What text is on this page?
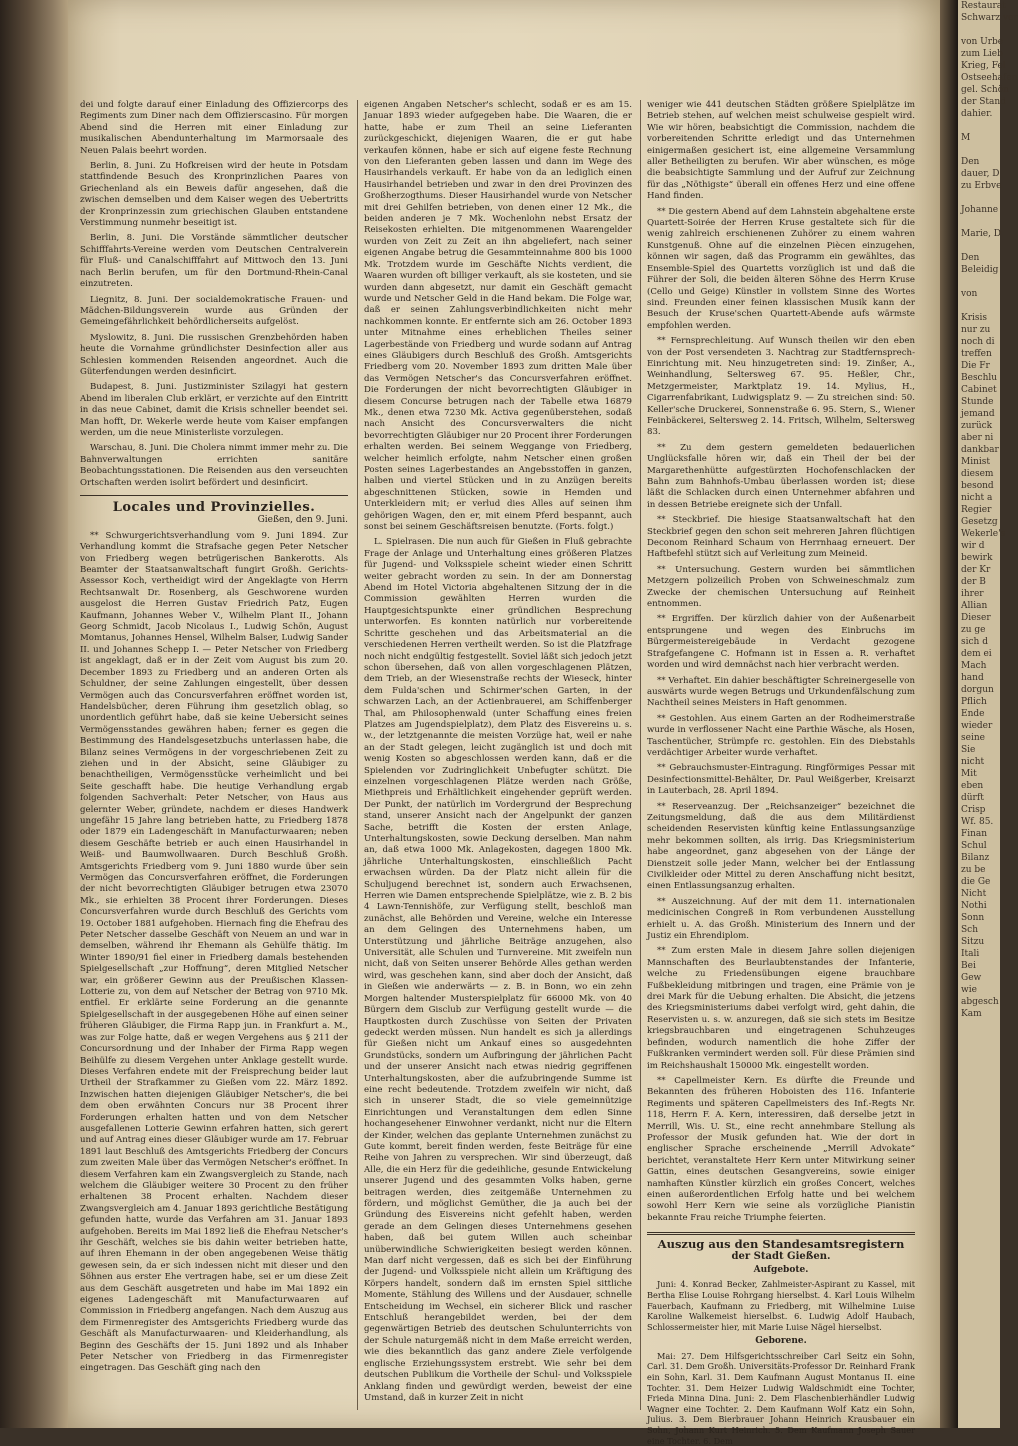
dei und folgte darauf einer Einladung des Offiziercorps des Regiments zum Diner nach dem Offizierscasino. Für morgen Abend sind die Herren mit einer Einladung zur musikalischen Abendunterhaltung im Marmorsaale des Neuen Palais beehrt worden.

Berlin, 8. Juni. Zu Hofkreisen wird der heute in Potsdam stattfindende Besuch des Kronprinzlichen Paares von Griechenland als ein Beweis dafür angesehen, daß die zwischen demselben und dem Kaiser wegen des Uebertritts der Kronprinzessin zum griechischen Glauben entstandene Verstimmung nunmehr beseitigt ist.

Berlin, 8. Juni. Die Vorstände sämmtlicher deutscher Schifffahrts-Vereine werden vom Deutschen Centralverein für Fluß- und Canalschifffahrt auf Mittwoch den 13. Juni nach Berlin berufen, um für den Dortmund-Rhein-Canal einzutreten.

Liegnitz, 8. Juni. Der socialdemokratische Frauen- und Mädchen-Bildungsverein wurde aus Gründen der Gemeingefährlichkeit behördlicherseits aufgelöst.

Myslowitz, 8. Juni. Die russischen Grenzbehörden haben heute die Vornahme gründlichster Desinfection aller aus Schlesien kommenden Reisenden angeordnet. Auch die Güterfendungen werden desinficirt.

Budapest, 8. Juni. Justizminister Szilagyi hat gestern Abend im liberalen Club erklärt, er verzichte auf den Eintritt in das neue Cabinet, damit die Krisis schneller beendet sei. Man hofft, Dr. Wekerle werde heute vom Kaiser empfangen werden, um die neue Ministerliste vorzulegen.

Warschau, 8. Juni. Die Cholera nimmt immer mehr zu. Die Bahnverwaltungen errichten sanitäre Beobachtungsstationen. Die Reisenden aus den verseuchten Ortschaften werden isolirt befördert und desinficirt.

Locales und Provinzielles.
Gießen, den 9. Juni.

** Schwurgerichtsverhandlung vom 9. Juni 1894. Zur Verhandlung kommt die Strafsache gegen Peter Netscher von Friedberg wegen betrügerischen Bankerotts. Als Beamter der Staatsanwaltschaft fungirt Großh. Gerichts-Assessor Koch, vertheidigt wird der Angeklagte von Herrn Rechtsanwalt Dr. Rosenberg, als Geschworene wurden ausgelost die Herren Gustav Friedrich Patz, Eugen Kaufmann, Johannes Weber V., Wilhelm Plant II., Johann Georg Schmidt, Jacob Nicolaus I., Ludwig Schön, August Momtanus, Johannes Hensel, Wilhelm Balser, Ludwig Sander II. und Johannes Schepp I. — Peter Netscher von Friedberg ist angeklagt, daß er in der Zeit vom August bis zum 20. December 1893 zu Friedberg und an anderen Orten als Schuldner, der seine Zahlungen eingestellt, über dessen Vermögen auch das Concursverfahren eröffnet worden ist, Handelsbücher, deren Führung ihm gesetzlich oblag, so unordentlich geführt habe, daß sie keine Uebersicht seines Vermögensstandes gewähren haben; ferner es gegen die Bestimmung des Handelsgesetzbuchs unterlassen habe, die Bilanz seines Vermögens in der vorgeschriebenen Zeit zu ziehen und in der Absicht, seine Gläubiger zu benachtheiligen, Vermögensstücke verheimlicht und bei Seite geschafft habe. Die heutige Verhandlung ergab folgenden Sachverhalt: Peter Netscher, von Haus aus gelernter Weber, gründete, nachdem er dieses Handwerk ungefähr 15 Jahre lang betrieben hatte, zu Friedberg 1878 oder 1879 ein Ladengeschäft in Manufacturwaaren; neben diesem Geschäfte betrieb er auch einen Hausirhandel in Weiß- und Baumwollwaaren. Durch Beschluß Großh. Amtsgerichts Friedberg vom 9. Juni 1880 wurde über sein Vermögen das Concursverfahren eröffnet, die Forderungen der nicht bevorrechtigten Gläubiger betrugen etwa 23070 Mk., sie erhielten 38 Procent ihrer Forderungen. Dieses Concursverfahren wurde durch Beschluß des Gerichts vom 19. October 1881 aufgehoben. Hiernach fing die Ehefrau des Peter Netscher dasselbe Geschäft von Neuem an und war in demselben, während ihr Ehemann als Gehülfe thätig. Im Winter 1890/91 fiel einer in Friedberg damals bestehenden Spielgesellschaft „zur Hoffnung“, deren Mitglied Netscher war, ein größerer Gewinn aus der Preußischen Klassen-Lotterie zu, von dem auf Netscher der Betrag von 9710 Mk. entfiel. Er erklärte seine Forderung an die genannte Spielgesellschaft in der ausgegebenen Höhe auf einen seiner früheren Gläubiger, die Firma Rapp jun. in Frankfurt a. M., was zur Folge hatte, daß er wegen Vergehens aus § 211 der Concursordnung und der Inhaber der Firma Rapp wegen Beihülfe zu diesem Vergehen unter Anklage gestellt wurde. Dieses Verfahren endete mit der Freisprechung beider laut Urtheil der Strafkammer zu Gießen vom 22. März 1892. Inzwischen hatten diejenigen Gläubiger Netscher's, die bei dem oben erwähnten Concurs nur 38 Procent ihrer Forderungen erhalten hatten und von dem Netscher ausgefallenen Lotterie Gewinn erfahren hatten, sich gerегt und auf Antrag eines dieser Gläubiger wurde am 17. Februar 1891 laut Beschluß des Amtsgerichts Friedberg der Concurs zum zweiten Male über das Vermögen Netscher's eröffnet. In diesem Verfahren kam ein Zwangsvergleich zu Stande, nach welchem die Gläubiger weitere 30 Procent zu den früher erhaltenen 38 Procent erhalten. Nachdem dieser Zwangsvergleich am 4. Januar 1893 gerichtliche Bestätigung gefunden hatte, wurde das Verfahren am 31. Januar 1893 aufgehoben. Bereits im Mai 1892 ließ die Ehefrau Netscher's ihr Geschäft, welches sie bis dahin weiter betrieben hatte, auf ihren Ehemann in der oben angegebenen Weise thätig gewesen sein, da er sich indessen nicht mit dieser und den Söhnen aus erster Ehe vertragen habe, sei er um diese Zeit aus dem Geschäft ausgetreten und habe im Mai 1892 ein eigenes Ladengeschäft mit Manufacturwaaren auf Commission in Friedberg angefangen. Nach dem Auszug aus dem Firmenregister des Amtsgerichts Friedberg wurde das Geschäft als Manufacturwaaren- und Kleiderhandlung, als Beginn des Geschäfts der 15. Juni 1892 und als Inhaber Peter Netscher von Friedberg in das Firmenregister eingetragen. Das Geschäft ging nach den

eigenen Angaben Netscher's schlecht, sodaß er es am 15. Januar 1893 wieder aufgegeben habe. Die Waaren, die er hatte, habe er zum Theil an seine Lieferanten zurückgeschickt, diejenigen Waaren, die er gut habe verkaufen können, habe er sich auf eigene feste Rechnung von den Lieferanten geben lassen und dann im Wege des Hausirhandels verkauft. Er habe von da an lediglich einen Hausirhandel betrieben und zwar in den drei Provinzen des Großherzogthums. Dieser Hausirhandel wurde von Netscher mit drei Gehilfen betrieben, von denen einer 12 Mk., die beiden anderen je 7 Mk. Wochenlohn nebst Ersatz der Reisekosten erhielten. Die mitgenommenen Waarengelder wurden von Zeit zu Zeit an ihn abgeliefert, nach seiner eigenen Angabe betrug die Gesammteinnahme 800 bis 1000 Mk. Trotzdem wurde im Geschäfte Nichts verdient, die Waaren wurden oft billiger verkauft, als sie kosteten, und sie wurden dann abgesetzt, nur damit ein Geschäft gemacht wurde und Netscher Geld in die Hand bekam. Die Folge war, daß er seinen Zahlungsverbindlichkeiten nicht mehr nachkommen konnte. Er entfernte sich am 26. October 1893 unter Mitnahme eines erheblichen Theiles seiner Lagerbestände von Friedberg und wurde sodann auf Antrag eines Gläubigers durch Beschluß des Großh. Amtsgerichts Friedberg vom 20. November 1893 zum dritten Male über das Vermögen Netscher's das Concursverfahren eröffnet. Die Forderungen der nicht bevorrechtigten Gläubiger in diesem Concurse betrugen nach der Tabelle etwa 16879 Mk., denen etwa 7230 Mk. Activa gegenüberstehen, sodaß nach Ansicht des Concursverwalters die nicht bevorrechtigten Gläubiger nur 20 Procent ihrer Forderungen erhalten werden. Bei seinem Weggange von Friedberg, welcher heimlich erfolgte, nahm Netscher einen großen Posten seines Lagerbestandes an Angebsstoffen in ganzen, halben und viertel Stücken und in zu Anzügen bereits abgeschnittenen Stücken, sowie in Hemden und Unterkleidern mit; er verlud dies Alles auf seinen ihm gehörigen Wagen, den er, mit einem Pferd bespannt, auch sonst bei seinem Geschäftsreisen benutzte. (Forts. folgt.)

L. Spielrasen. Die nun auch für Gießen in Fluß gebrachte Frage der Anlage und Unterhaltung eines größeren Platzes für Jugend- und Volksspiele scheint wieder einen Schritt weiter gebracht worden zu sein. In der am Donnerstag Abend im Hotel Victoria abgehaltenen Sitzung der in die Commission gewählten Herren wurden die Hauptgesichtspunkte einer gründlichen Besprechung unterworfen. Es konnten natürlich nur vorbereitende Schritte geschehen und das Arbeitsmaterial an die verschiedenen Herren vertheilt werden. So ist die Platzfrage noch nicht endgültig festgestellt. Soviel läßt sich jedoch jetzt schon übersehen, daß von allen vorgeschlagenen Plätzen, dem Trieb, an der Wiesenstraße rechts der Wieseck, hinter dem Fulda'schen und Schirmer'schen Garten, in der schwarzen Lach, an der Actienbrauerei, am Schiffenberger Thal, am Philosophenwald (unter Schaffung eines freien Platzes am Jugendspielplatz), dem Platz des Eisvereins u. s. w., der letztgenannte die meisten Vorzüge hat, weil er nahe an der Stadt gelegen, leicht zugänglich ist und doch mit wenig Kosten so abgeschlossen werden kann, daß er die Spielenden vor Zudringlichkeit Unbefugter schützt. Die einzelnen vorgeschlagenen Plätze werden nach Größe, Miethpreis und Erhältlichkeit eingehender geprüft werden. Der Punkt, der natürlich im Vordergrund der Besprechung stand, unserer Ansicht nach der Angelpunkt der ganzen Sache, betrifft die Kosten der ersten Anlage, Unterhaltungskosten, sowie Deckung derselben. Man nahm an, daß etwa 1000 Mk. Anlagekosten, dagegen 1800 Mk. jährliche Unterhaltungskosten, einschließlich Pacht erwachsen würden. Da der Platz nicht allein für die Schuljugend berechnet ist, sondern auch Erwachsenen, Herren wie Damen entsprechende Spielplätze, wie z. B. 2 bis 4 Lawn-Tennishöfe, zur Verfügung stellt, beschloß man zunächst, alle Behörden und Vereine, welche ein Interesse an dem Gelingen des Unternehmens haben, um Unterstützung und jährliche Beiträge anzugehen, also Universität, alle Schulen und Turnvereine. Mit zweifeln nun nicht, daß von Seiten unserer Behörde Alles gethan werden wird, was geschehen kann, sind aber doch der Ansicht, daß in Gießen wie anderwärts — z. B. in Bonn, wo ein zehn Morgen haltender Musterspielplatz für 66000 Mk. von 40 Bürgern dem Gisclub zur Verfügung gestellt wurde — die Hauptkosten durch Zuschüsse von Seiten der Privaten gedeckt werden müssen. Nun handelt es sich ja allerdings für Gießen nicht um Ankauf eines so ausgedehnten Grundstücks, sondern um Aufbringung der jährlichen Pacht und der unserer Ansicht nach etwas niedrig gegriffenen Unterhaltungskosten, aber die aufzubringende Summe ist eine recht bedeutende. Trotzdem zweifeln wir nicht, daß sich in unserer Stadt, die so viele gemeinnützige Einrichtungen und Veranstaltungen dem edlen Sinne hochangesehener Einwohner verdankt, nicht nur die Eltern der Kinder, welchen das geplante Unternehmen zunächst zu Gute kommt, bereit finden werden, feste Beiträge für eine Reihe von Jahren zu versprechen. Wir sind überzeugt, daß Alle, die ein Herz für die gedeihliche, gesunde Entwickelung unserer Jugend und des gesammten Volks haben, gerne beitragen werden, dies zeitgemäße Unternehmen zu fördern, und möglichst Gemüther, die ja auch bei der Gründung des Eisvereins nicht gefehlt haben, werden gerade an dem Gelingen dieses Unternehmens gesehen haben, daß bei gutem Willen auch scheinbar unüberwindliche Schwierigkeiten besiegt werden können. Man darf nicht vergessen, daß es sich bei der Einführung der Jugend- und Volksspiele nicht allein um Kräftigung des Körpers handelt, sondern daß im ernsten Spiel sittliche Momente, Stählung des Willens und der Ausdauer, schnelle Entscheidung im Wechsel, ein sicherer Blick und rascher Entschluß herangebildet werden, bei der dem gegenwärtigen Betrieb des deutschen Schulunterrichts von der Schule naturgemäß nicht in dem Maße erreicht werden, wie dies bekanntlich das ganz andere Ziele verfolgende englische Erziehungssystem erstrebt. Wie sehr bei dem deutschen Publikum die Vortheile der Schul- und Volksspiele Anklang finden und gewürdigt werden, beweist der eine Umstand, daß in kurzer Zeit in nicht

weniger wie 441 deutschen Städten größere Spielplätze im Betrieb stehen, auf welchen meist schulweise gespielt wird. Wie wir hören, beabsichtigt die Commission, nachdem die vorbereitenden Schritte erledigt und das Unternehmen einigermaßen gesichert ist, eine allgemeine Versammlung aller Betheiligten zu berufen. Wir aber wünschen, es möge die beabsichtigte Sammlung und der Aufruf zur Zeichnung für das „Nöthigste“ überall ein offenes Herz und eine offene Hand finden.

** Die gestern Abend auf dem Lahnstein abgehaltene erste Quartett-Soirée der Herren Kruse gestaltete sich für die wenig zahlreich erschienenen Zuhörer zu einem wahren Kunstgenuß. Ohne auf die einzelnen Piècen einzugehen, können wir sagen, daß das Programm ein gewähltes, das Ensemble-Spiel des Quartetts vorzüglich ist und daß die Führer der Soli, die beiden älteren Söhne des Herrn Kruse (Cello und Geige) Künstler in vollstem Sinne des Wortes sind. Freunden einer feinen klassischen Musik kann der Besuch der Kruse'schen Quartett-Abende aufs wärmste empfohlen werden.

** Fernsprechleitung. Auf Wunsch theilen wir den eben von der Post versendeten 3. Nachtrag zur Stadtfernsprech-Einrichtung mit. Neu hinzugetreten sind: 19. Zinßer, A., Weinhandlung, Seltersweg 67. 95. Heßler, Chr., Metzgermeister, Marktplatz 19. 14. Mylius, H., Cigarrenfabrikant, Ludwigsplatz 9. — Zu streichen sind: 50. Keller'sche Druckerei, Sonnenstraße 6. 95. Stern, S., Wiener Feinbäckerei, Seltersweg 2. 14. Fritsch, Wilhelm, Seltersweg 83.

** Zu dem gestern gemeldeten bedauerlichen Unglücksfalle hören wir, daß ein Theil der bei der Margarethenhütte aufgestürzten Hochofenschlacken der Bahn zum Bahnhofs-Umbau überlassen worden ist; diese läßt die Schlacken durch einen Unternehmer abfahren und in dessen Betriebe ereignete sich der Unfall.

** Steckbrief. Die hiesige Staatsanwaltschaft hat den Steckbrief gegen den schon seit mehreren Jahren flüchtigen Deconom Reinhard Schaum von Herrnhaag erneuert. Der Haftbefehl stützt sich auf Verleitung zum Meineid.

** Untersuchung. Gestern wurden bei sämmtlichen Metzgern polizeilich Proben von Schweineschmalz zum Zwecke der chemischen Untersuchung auf Reinheit entnommen.

** Ergriffen. Der kürzlich dahier von der Außenarbeit entsprungene und wegen des Einbruchs im Bürgermeistereigebäude in Verdacht gezogene Strafgefangene C. Hofmann ist in Essen a. R. verhaftet worden und wird demnächst nach hier verbracht werden.

** Verhaftet. Ein dahier beschäftigter Schreinergeselle von auswärts wurde wegen Betrugs und Urkundenfälschung zum Nachtheil seines Meisters in Haft genommen.

** Gestohlen. Aus einem Garten an der Rodheimerstraße wurde in verflossener Nacht eine Parthie Wäsche, als Hosen, Taschentücher, Strümpfe rc. gestohlen. Ein des Diebstahls verdächtiger Arbeiter wurde verhaftet.

** Gebrauchsmuster-Eintragung. Ringförmiges Pessar mit Desinfectionsmittel-Behälter, Dr. Paul Weißgerber, Kreisarzt in Lauterbach, 28. April 1894.

** Reserveanzug. Der „Reichsanzeiger“ bezeichnet die Zeitungsmeldung, daß die aus dem Militärdienst scheidenden Reservisten künftig keine Entlassungsanzüge mehr bekommen sollten, als irrig. Das Kriegsministerium habe angeordnet, ganz abgesehen von der Länge der Dienstzeit solle jeder Mann, welcher bei der Entlassung Civilkleider oder Mittel zu deren Anschaffung nicht besitzt, einen Entlassungsanzug erhalten.

** Auszeichnung. Auf der mit dem 11. internationalen medicinischen Congreß in Rom verbundenen Ausstellung erhielt u. A. das Großh. Ministerium des Innern und der Justiz ein Ehrendiplom.

** Zum ersten Male in diesem Jahre sollen diejenigen Mannschaften des Beurlaubtenstandes der Infanterie, welche zu Friedensübungen eigene brauchbare Fußbekleidung mitbringen und tragen, eine Prämie von je drei Mark für die Uebung erhalten. Die Absicht, die jetzens des Kriegsministeriums dabei verfolgt wird, geht dahin, die Reservisten u. s. w. anzuregen, daß sie sich stets im Besitze kriegsbrauchbaren und eingetragenen Schuhzeuges befinden, wodurch namentlich die hohe Ziffer der Fußkranken vermindert werden soll. Für diese Prämien sind im Reichshaushalt 150000 Mk. eingestellt worden.

** Capellmeister Kern. Es dürfte die Freunde und Bekannten des früheren Hoboisten des 116. Infanterie Regiments und späteren Capellmeisters des Inf.-Regts Nr. 118, Herrn F. A. Kern, interessiren, daß derselbe jetzt in Merrill, Wis. U. St., eine recht annehmbare Stellung als Professor der Musik gefunden hat. Wie der dort in englischer Sprache erscheinende „Merrill Advokate“ berichtet, veranstaltete Herr Kern unter Mitwirkung seiner Gattin, eines deutschen Gesangvereins, sowie einiger namhaften Künstler kürzlich ein großes Concert, welches einen außerordentlichen Erfolg hatte und bei welchem sowohl Herr Kern wie seine als vorzügliche Pianistin bekannte Frau reiche Triumphe feierten.

Auszug aus den Standesamtsregistern
der Stadt Gießen.
Aufgebote.

Juni: 4. Konrad Becker, Zahlmeister-Aspirant zu Kassel, mit Bertha Elise Louise Rohrgang hierselbst. 4. Karl Louis Wilhelm Fauerbach, Kaufmann zu Friedberg, mit Wilhelmine Luise Karoline Walkemeist hierselbst. 6. Ludwig Adolf Haubach, Schlossermeister hier, mit Marie Luise Nägel hierselbst.

Geborene.

Mai: 27. Dem Hilfsgerichtsschreiber Carl Seitz ein Sohn, Carl. 31. Dem Großh. Universitäts-Professor Dr. Reinhard Frank ein Sohn, Karl. 31. Dem Kaufmann August Montanus II. eine Tochter. 31. Dem Heizer Ludwig Waldschmidt eine Tochter, Frieda Minna Dina. Juni: 2. Dem Flaschenbierhändler Ludwig Wagner eine Tochter. 2. Dem Kaufmann Wolf Katz ein Sohn, Julius. 3. Dem Bierbrauer Johann Heinrich Krausbauer ein Sohn, Johann Kurt Heinrich. 5. Dem Kaufmann Joseph Sauer eine Tochter. 6. Dem

Restaurat
Schwarz ver

von Urbe
zum Lieb
Krieg, Fel
Ostseehafen
gel. Schön
der Stand
dahier.

M

Den
dauer, D
zu Erbve

Johanne

Marie, D

Den
Beleidig

von

Krisis
nur zu
noch di
treffen
Die Fr
Beschlu
Cabinet
Stunde
jemand
zurück
aber ni
dankbar
Minist
diesem
besond
nicht a
Regier
Gesetzg
Wekerle's
wir d
bewirk
der Kr
der B
ihrer
Allian
Dieser
zu ge
sich d
dem ei
Mach
hand
dorgun
Pflich
Ende
wieder
seine
Sie
nicht
Mit
eben
dürft
Crisp
Wf. 85.
Finan
Schul
Bilanz
zu be
die Ge
Nicht
Nothi
Sonn
Sch
Sitzu
Itali
Bei
Gew
wie
abgesch
Kam
